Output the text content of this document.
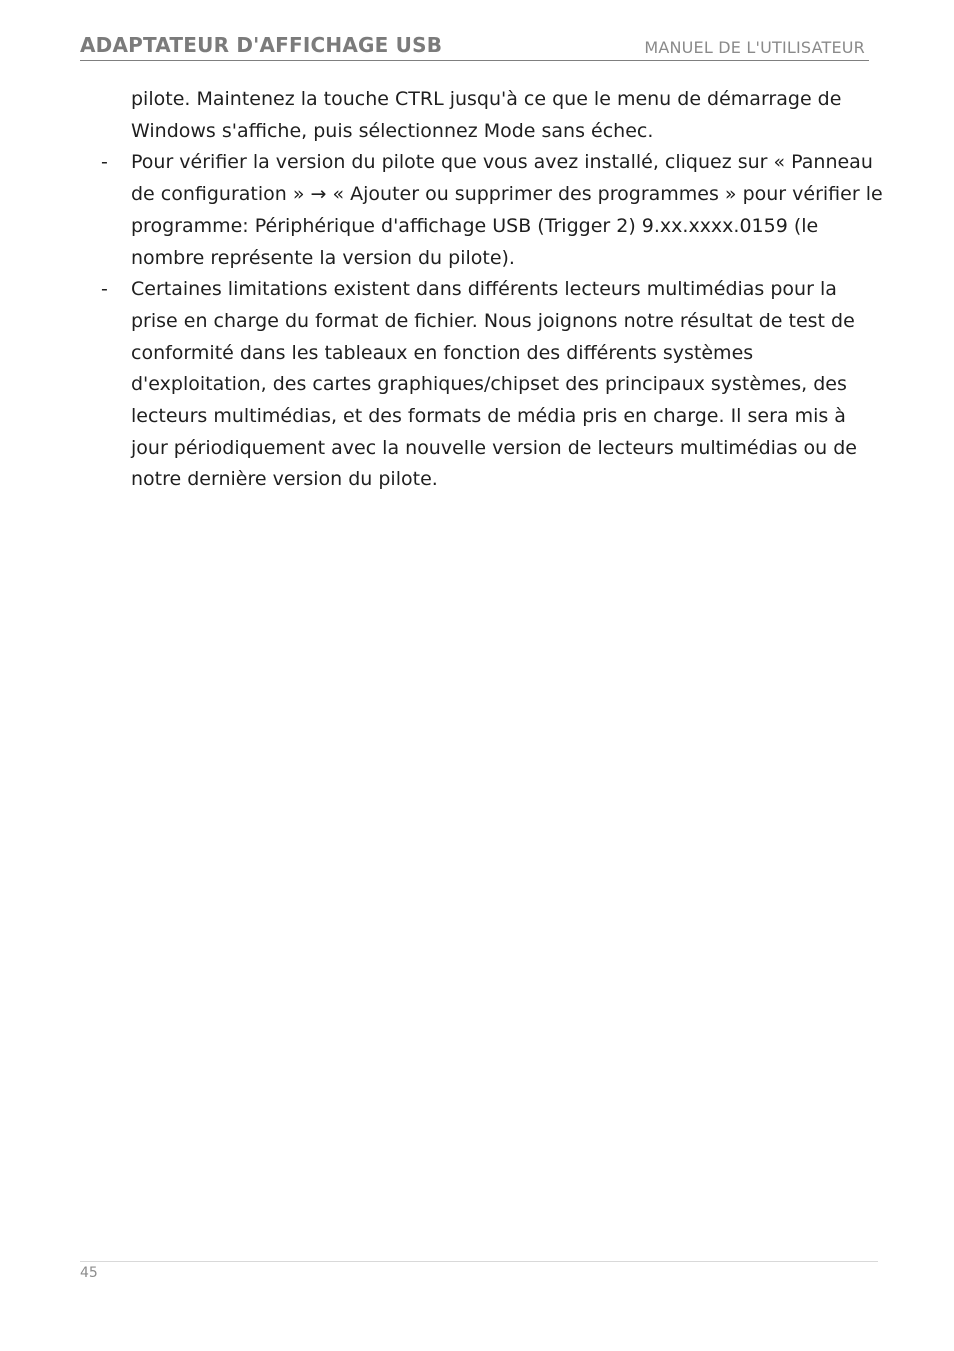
ADAPTATEUR D'AFFICHAGE USB	MANUEL DE L'UTILISATEUR

pilote. Maintenez la touche CTRL jusqu'à ce que le menu de démarrage de Windows s'affiche, puis sélectionnez Mode sans échec.

- Pour vérifier la version du pilote que vous avez installé, cliquez sur « Panneau de configuration » → « Ajouter ou supprimer des programmes » pour vérifier le programme: Périphérique d'affichage USB (Trigger 2) 9.xx.xxxx.0159 (le nombre représente la version du pilote).
- Certaines limitations existent dans différents lecteurs multimédias pour la prise en charge du format de fichier. Nous joignons notre résultat de test de conformité dans les tableaux en fonction des différents systèmes d'exploitation, des cartes graphiques/chipset des principaux systèmes, des lecteurs multimédias, et des formats de média pris en charge. Il sera mis à jour périodiquement avec la nouvelle version de lecteurs multimédias ou de notre dernière version du pilote.
45
